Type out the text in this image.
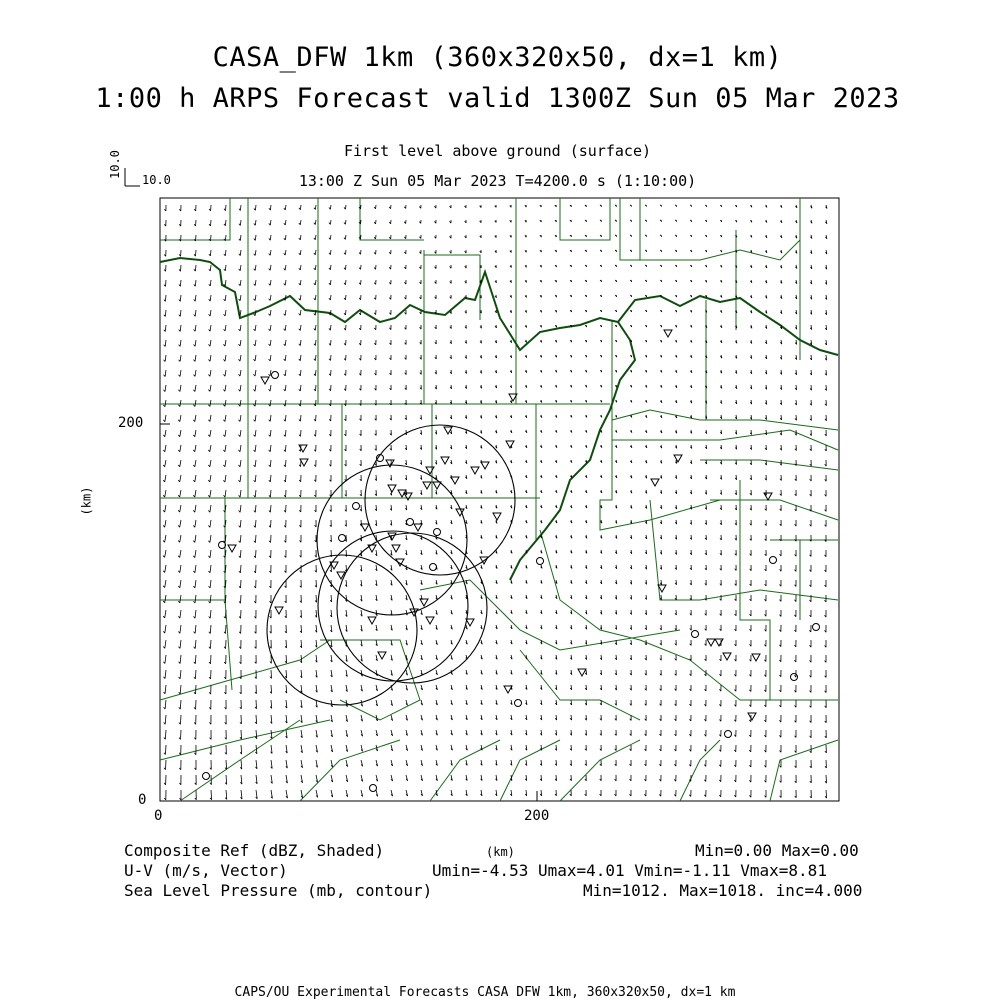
CASA_DFW 1km (360x320x50, dx=1 km)
1:00 h ARPS Forecast valid 1300Z Sun 05 Mar 2023
First level above ground (surface)
13:00 Z Sun 05 Mar 2023 T=4200.0 s (1:10:00)
10.0
10.0
200
0
0	200
(km)
Composite Ref (dBZ, Shaded)	Min=0.00 Max=0.00
(km)
U-V (m/s, Vector)	Umin=-4.53 Umax=4.01 Vmin=-1.11 Vmax=8.81
Sea Level Pressure (mb, contour)	Min=1012. Max=1018. inc=4.000
CAPS/OU Experimental Forecasts CASA DFW 1km, 360x320x50, dx=1 km
